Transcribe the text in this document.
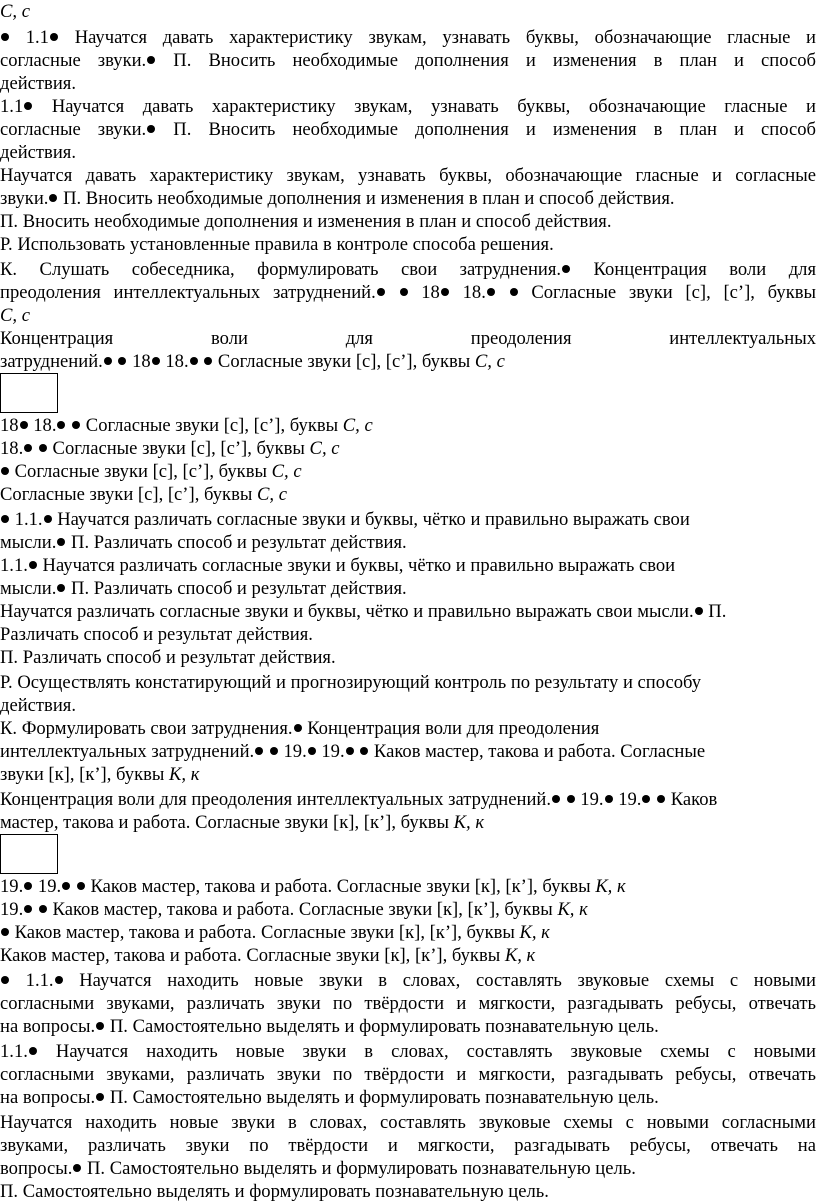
С, с
1.1 Научатся давать характеристику звукам, узнавать буквы, обозначающие гласные и
согласные звуки. П. Вносить необходимые дополнения и изменения в план и способ
действия.
1.1 Научатся давать характеристику звукам, узнавать буквы, обозначающие гласные и
согласные звуки. П. Вносить необходимые дополнения и изменения в план и способ
действия.
Научатся давать характеристику звукам, узнавать буквы, обозначающие гласные и согласные
звуки. П. Вносить необходимые дополнения и изменения в план и способ действия.
П. Вносить необходимые дополнения и изменения в план и способ действия.
Р. Использовать установленные правила в контроле способа решения.
К. Слушать собеседника, формулировать свои затруднения. Концентрация воли для
преодоления интеллектуальных затруднений.  18 18.  Согласные звуки [с], [с’], буквы
С, с
Концентрация воли для преодоления интеллектуальных
затруднений.  18 18.  Согласные звуки [с], [с’], буквы С, с
18 18.  Согласные звуки [с], [с’], буквы С, с
18.  Согласные звуки [с], [с’], буквы С, с
Согласные звуки [с], [с’], буквы С, с
Согласные звуки [с], [с’], буквы С, с
1.1. Научатся различать согласные звуки и буквы, чётко и правильно выражать свои
мысли. П. Различать способ и результат действия.
1.1. Научатся различать согласные звуки и буквы, чётко и правильно выражать свои
мысли. П. Различать способ и результат действия.
Научатся различать согласные звуки и буквы, чётко и правильно выражать свои мысли. П.
Различать способ и результат действия.
П. Различать способ и результат действия.
Р. Осуществлять констатирующий и прогнозирующий контроль по результату и способу
действия.
К. Формулировать свои затруднения. Концентрация воли для преодоления
интеллектуальных затруднений.  19. 19.  Каков мастер, такова и работа. Согласные
звуки [к], [к’], буквы К, к
Концентрация воли для преодоления интеллектуальных затруднений.  19. 19.  Каков
мастер, такова и работа. Согласные звуки [к], [к’], буквы К, к
19. 19.  Каков мастер, такова и работа. Согласные звуки [к], [к’], буквы К, к
19.  Каков мастер, такова и работа. Согласные звуки [к], [к’], буквы К, к
Каков мастер, такова и работа. Согласные звуки [к], [к’], буквы К, к
Каков мастер, такова и работа. Согласные звуки [к], [к’], буквы К, к
1.1. Научатся находить новые звуки в словах, составлять звуковые схемы с новыми
согласными звуками, различать звуки по твёрдости и мягкости, разгадывать ребусы, отвечать
на вопросы. П. Самостоятельно выделять и формулировать познавательную цель.
1.1. Научатся находить новые звуки в словах, составлять звуковые схемы с новыми
согласными звуками, различать звуки по твёрдости и мягкости, разгадывать ребусы, отвечать
на вопросы. П. Самостоятельно выделять и формулировать познавательную цель.
Научатся находить новые звуки в словах, составлять звуковые схемы с новыми согласными
звуками, различать звуки по твёрдости и мягкости, разгадывать ребусы, отвечать на
вопросы. П. Самостоятельно выделять и формулировать познавательную цель.
П. Самостоятельно выделять и формулировать познавательную цель.
